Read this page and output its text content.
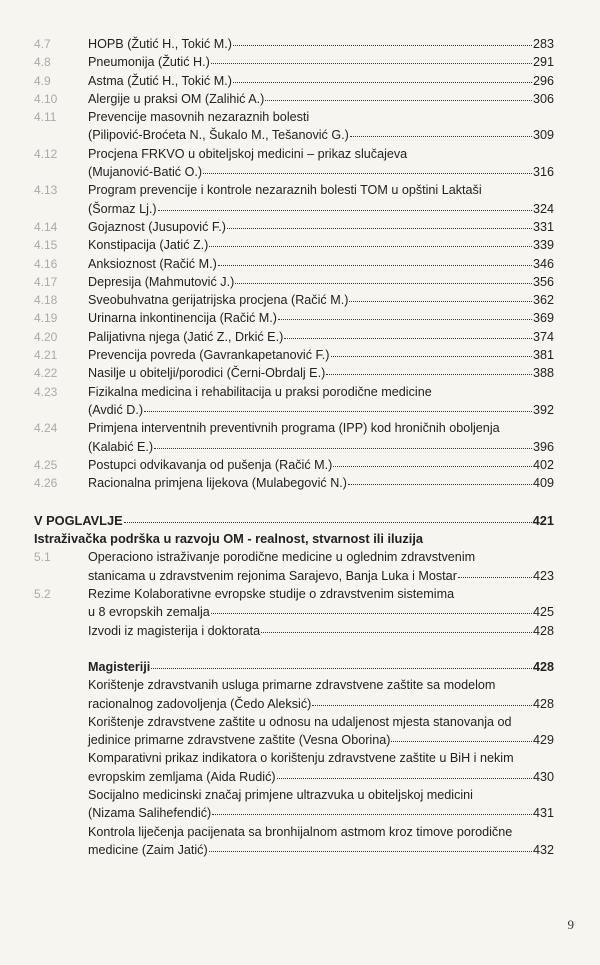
4.7	HOPB (Žutić H., Tokić M.)	283
4.8	Pneumonija (Žutić H.)	291
4.9	Astma (Žutić H., Tokić M.)	296
4.10 Alergije u praksi OM (Zalihić A.)	306
4.11	Prevencije masovnih nezaraznih bolesti
(Pilipović-Broćeta N., Šukalo M., Tešanović G.)	309
4.12 Procjena FRKVO u obiteljskoj medicini – prikaz slučajeva
(Mujanović-Batić O.)	316
4.13 Program prevencije i kontrole nezaraznih bolesti TOM u opštini Laktaši
(Šormaz Lj.)	324
4.14 Gojaznost (Jusupović F.)	331
4.15 Konstipacija (Jatić Z.)	339
4.16 Anksioznost (Račić M.)	346
4.17 Depresija (Mahmutović J.)	356
4.18 Sveobuhvatna gerijatrijska procjena (Račić M.)	362
4.19 Urinarna inkontinencija (Račić M.)	369
4.20 Palijativna njega (Jatić Z., Drkić E.)	374
4.21 Prevencija povreda (Gavrankapetanović F.)	381
4.22 Nasilje u obitelji/porodici (Černi-Obrdalj E.)	388
4.23 Fizikalna medicina i rehabilitacija u praksi porodične medicine
(Avdić D.)	392
4.24 Primjena interventnih preventivnih programa (IPP) kod hroničnih oboljenja
(Kalabić E.)	396
4.25 Postupci odvikavanja od pušenja (Račić M.)	402
4.26 Racionalna primjena lijekova (Mulabegović N.)	409
V POGLAVLJE	421
Istraživačka podrška u razvoju OM - realnost, stvarnost ili iluzija
5.1	Operaciono istraživanje porodične medicine u oglednim zdravstvenim
stanicama u zdravstvenim rejonima Sarajevo, Banja Luka i Mostar	423
5.2	Rezime Kolaborativne evropske studije o zdravstvenim sistemima
u 8 evropskih zemalja	425
Izvodi iz magisterija i doktorata	428
Magisteriji	428
Korištenje zdravstvanih usluga primarne zdravstvene zaštite sa modelom
racionalnog zadovoljenja (Čedo Aleksić)	428
Korištenje zdravstvene zaštite u odnosu na udaljenost mjesta stanovanja od
jedinice primarne zdravstvene zaštite (Vesna Oborina)	429
Komparativni prikaz indikatora o korištenju zdravstvene zaštite u BiH i nekim
evropskim zemljama (Aida Rudić)	430
Socijalno medicinski značaj primjene ultrazvuka u obiteljskoj medicini
(Nizama Salihefendić)	431
Kontrola liječenja pacijenata sa bronhijalnom astmom kroz timove porodične
medicine (Zaim Jatić)	432
9
